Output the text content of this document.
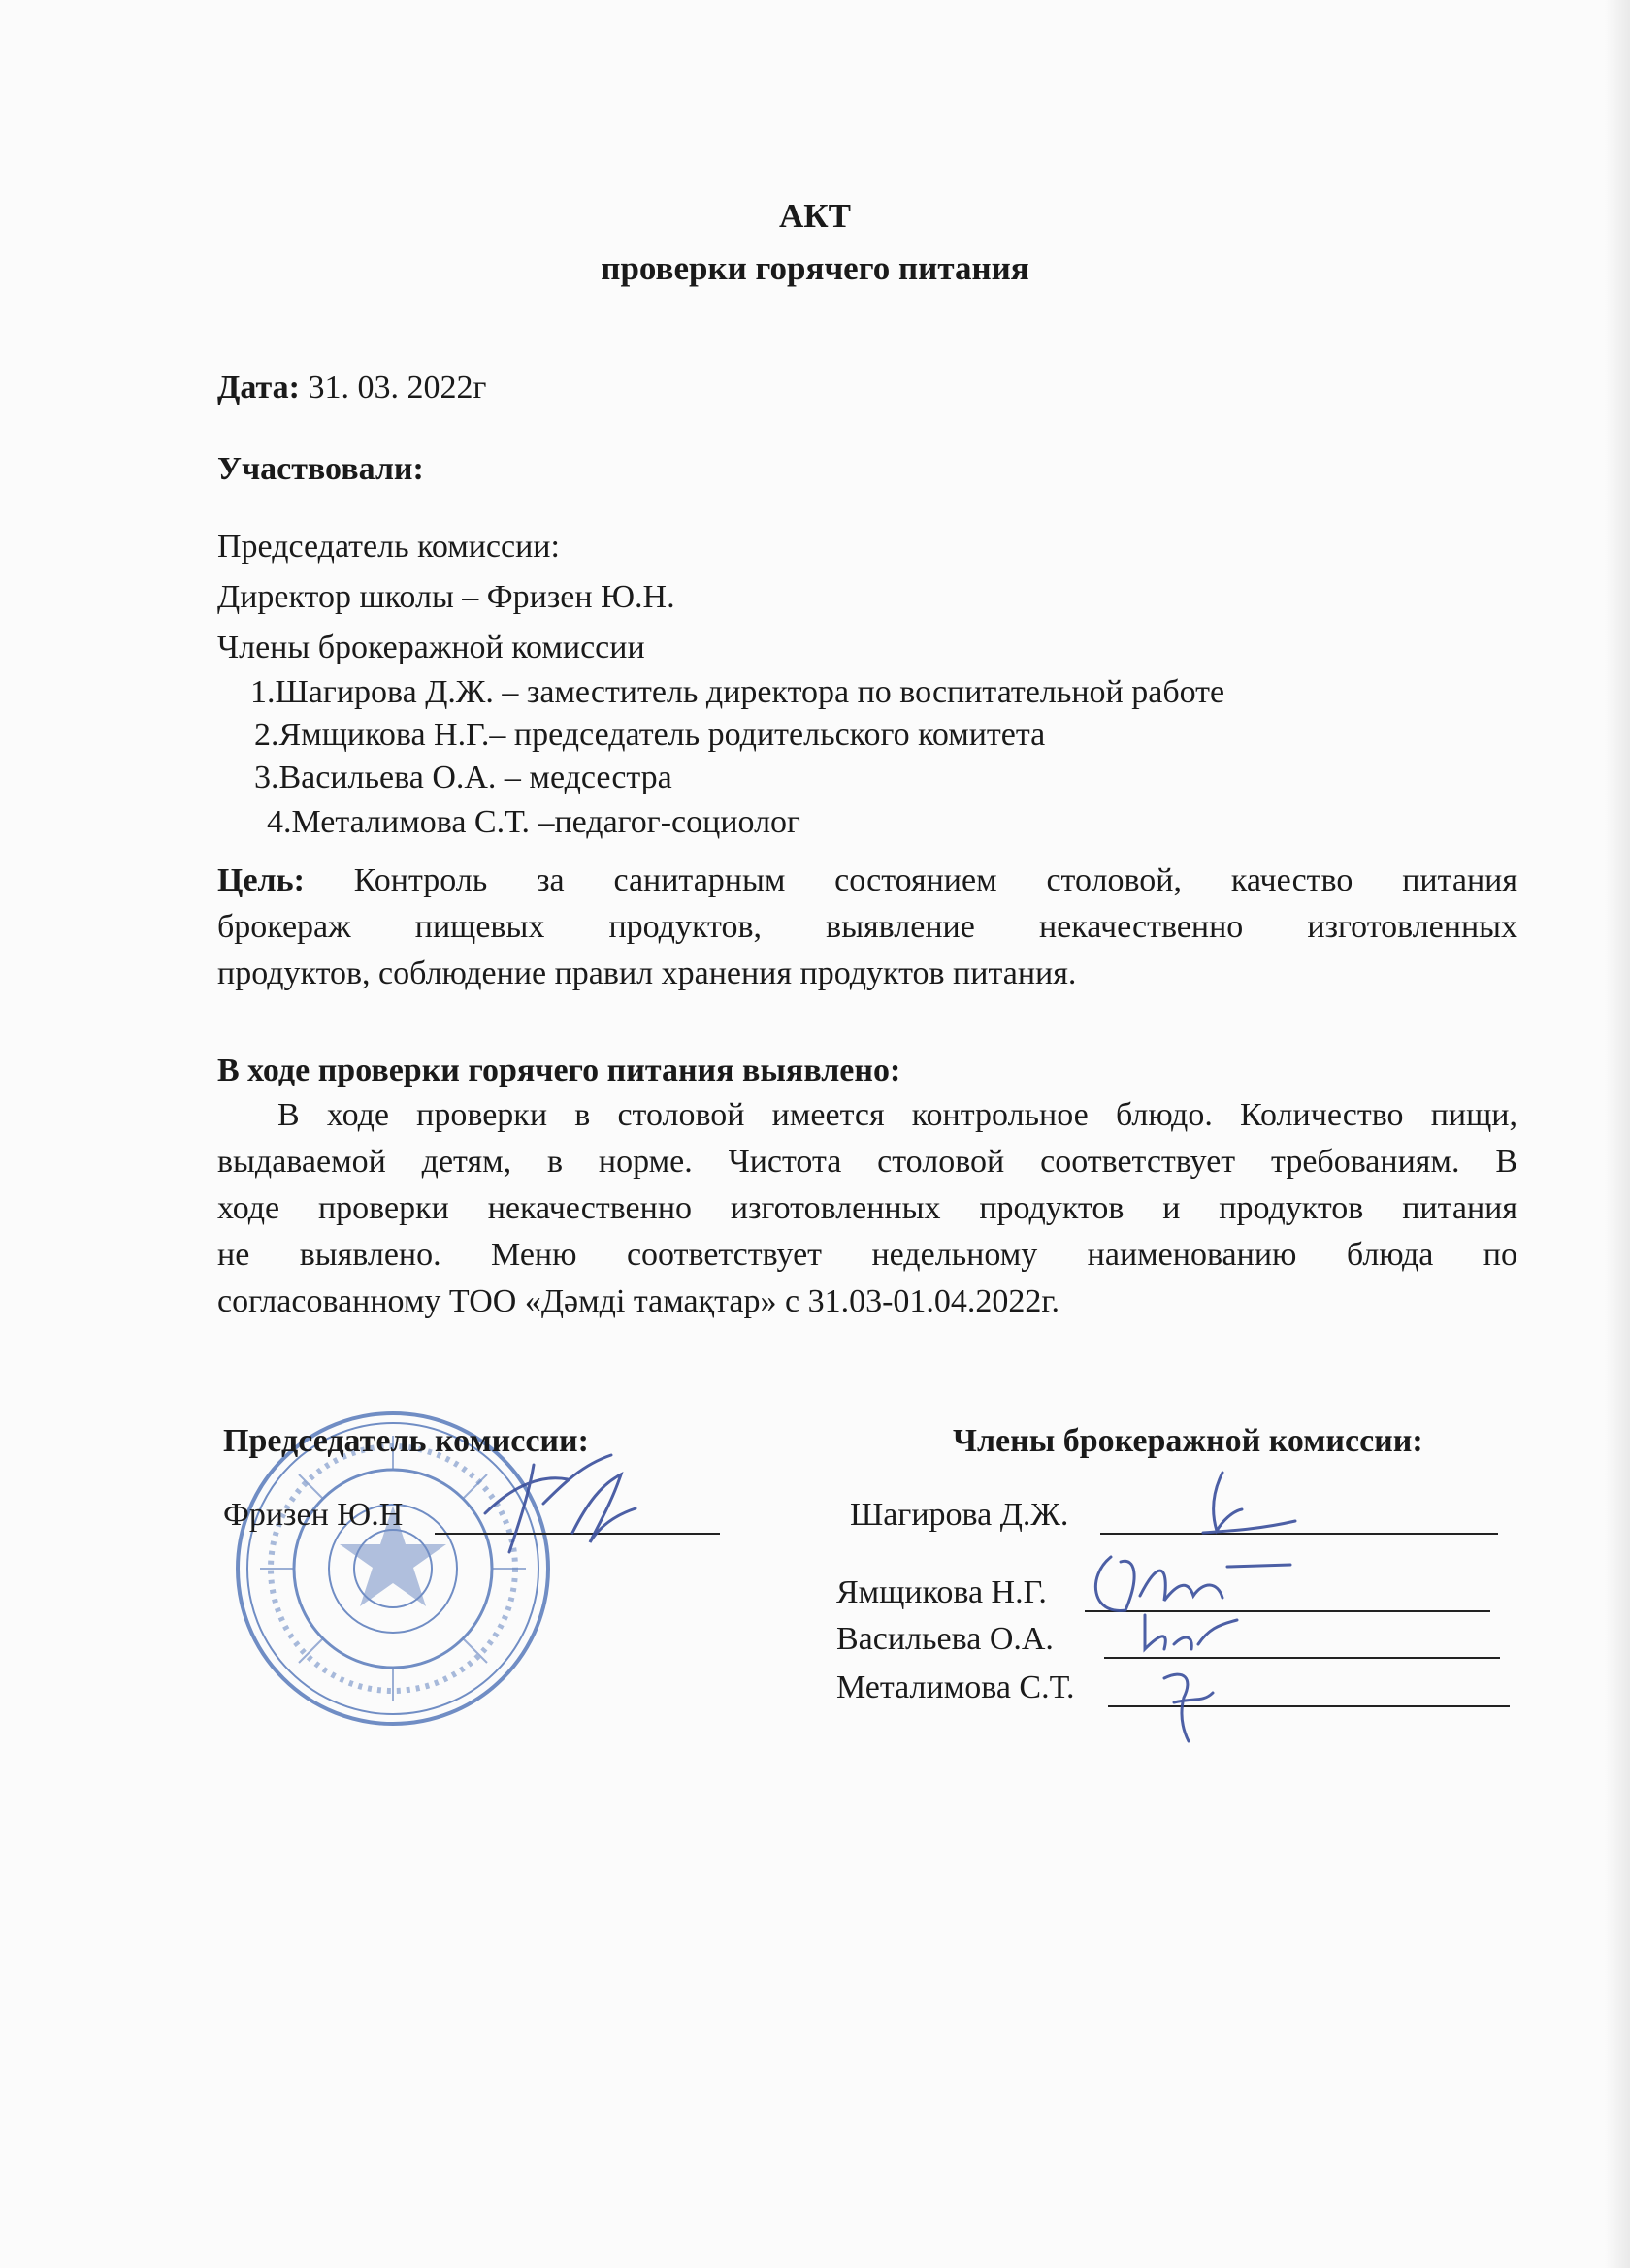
АКТ
проверки горячего питания
Дата: 31. 03. 2022г
Участвовали:
Председатель комиссии:
Директор школы – Фризен Ю.Н.
Члены брокеражной комиссии
1.Шагирова Д.Ж. – заместитель директора по воспитательной работе
2.Ямщикова Н.Г.– председатель родительского комитета
3.Васильева О.А. – медсестра
4.Металимова С.Т. –педагог-социолог
Цель: Контроль за санитарным состоянием столовой, качество питания
брокераж пищевых продуктов, выявление некачественно изготовленных
продуктов, соблюдение правил хранения продуктов питания.
В ходе проверки горячего питания выявлено:
В ходе проверки в столовой имеется контрольное блюдо. Количество пищи,
выдаваемой детям, в норме. Чистота столовой соответствует требованиям. В
ходе проверки некачественно изготовленных продуктов и продуктов питания
не выявлено. Меню соответствует недельному наименованию блюда по
согласованному ТОО «Дәмді тамақтар» с 31.03-01.04.2022г.
Председатель комиссии:
Фризен Ю.Н
Члены брокеражной комиссии:
Шагирова Д.Ж.
Ямщикова Н.Г.
Васильева О.А.
Металимова С.Т.
